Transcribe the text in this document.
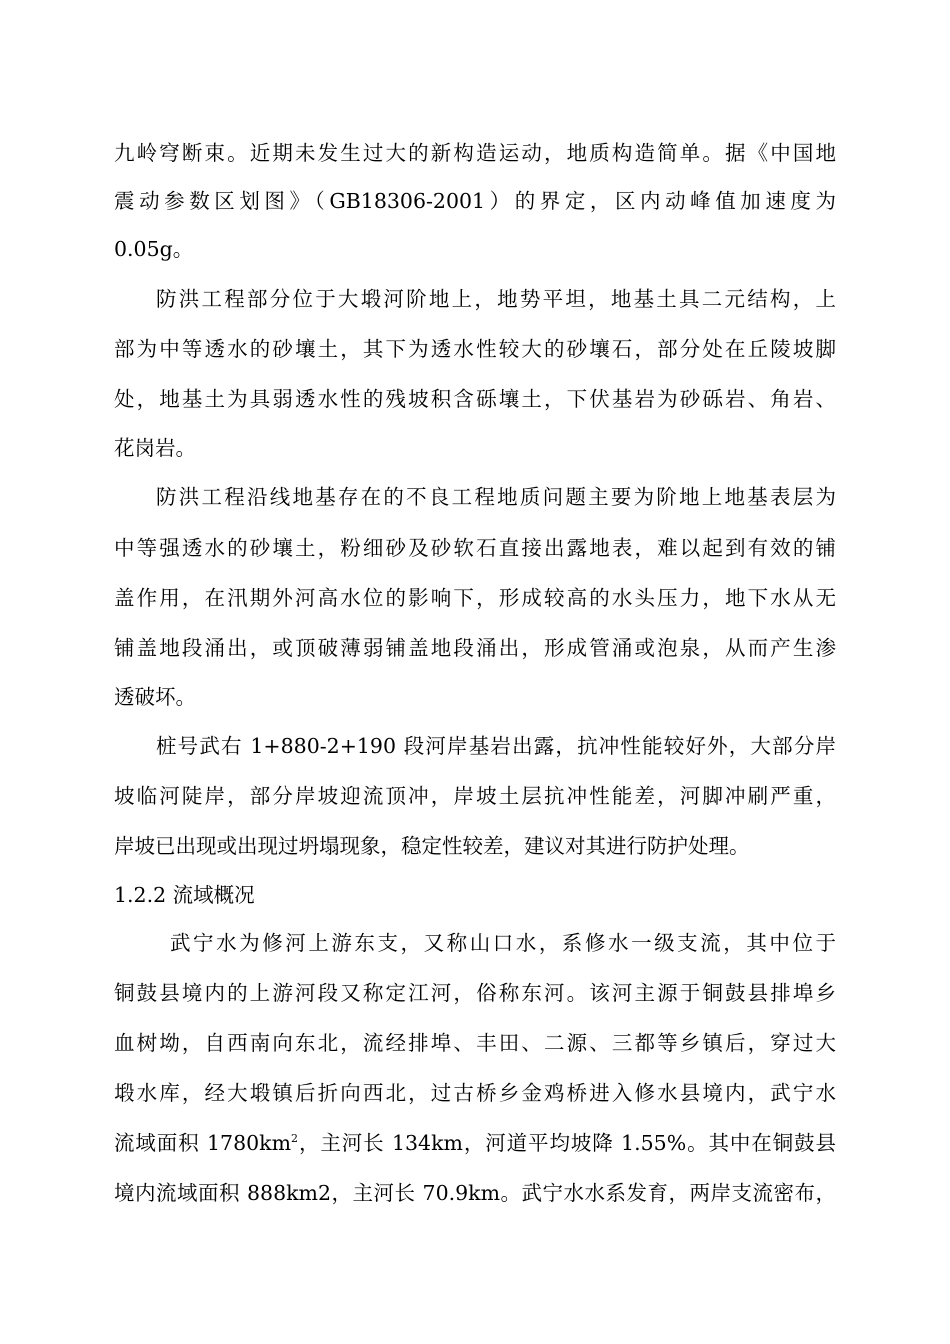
九岭穹断束。近期未发生过大的新构造运动，地质构造简单。据《中国地
震动参数区划图》（GB18306-2001）的界定，区内动峰值加速度为
0.05g。
防洪工程部分位于大塅河阶地上，地势平坦，地基土具二元结构，上
部为中等透水的砂壤土，其下为透水性较大的砂壤石，部分处在丘陵坡脚
处，地基土为具弱透水性的残坡积含砾壤土，下伏基岩为砂砾岩、角岩、
花岗岩。
防洪工程沿线地基存在的不良工程地质问题主要为阶地上地基表层为
中等强透水的砂壤土，粉细砂及砂软石直接出露地表，难以起到有效的铺
盖作用，在汛期外河高水位的影响下，形成较高的水头压力，地下水从无
铺盖地段涌出，或顶破薄弱铺盖地段涌出，形成管涌或泡泉，从而产生渗
透破坏。
桩号武右 1+880-2+190 段河岸基岩出露，抗冲性能较好外，大部分岸
坡临河陡岸，部分岸坡迎流顶冲，岸坡土层抗冲性能差，河脚冲刷严重，
岸坡已出现或出现过坍塌现象，稳定性较差，建议对其进行防护处理。
1.2.2 流域概况
武宁水为修河上游东支，又称山口水，系修水一级支流，其中位于
铜鼓县境内的上游河段又称定江河，俗称东河。该河主源于铜鼓县排埠乡
血树坳，自西南向东北，流经排埠、丰田、二源、三都等乡镇后，穿过大
塅水库，经大塅镇后折向西北，过古桥乡金鸡桥进入修水县境内，武宁水
流域面积 $1780km^2$，主河长 134km，河道平均坡降 1.55%。其中在铜鼓县
境内流域面积 888km2，主河长 70.9km。武宁水水系发育，两岸支流密布，
